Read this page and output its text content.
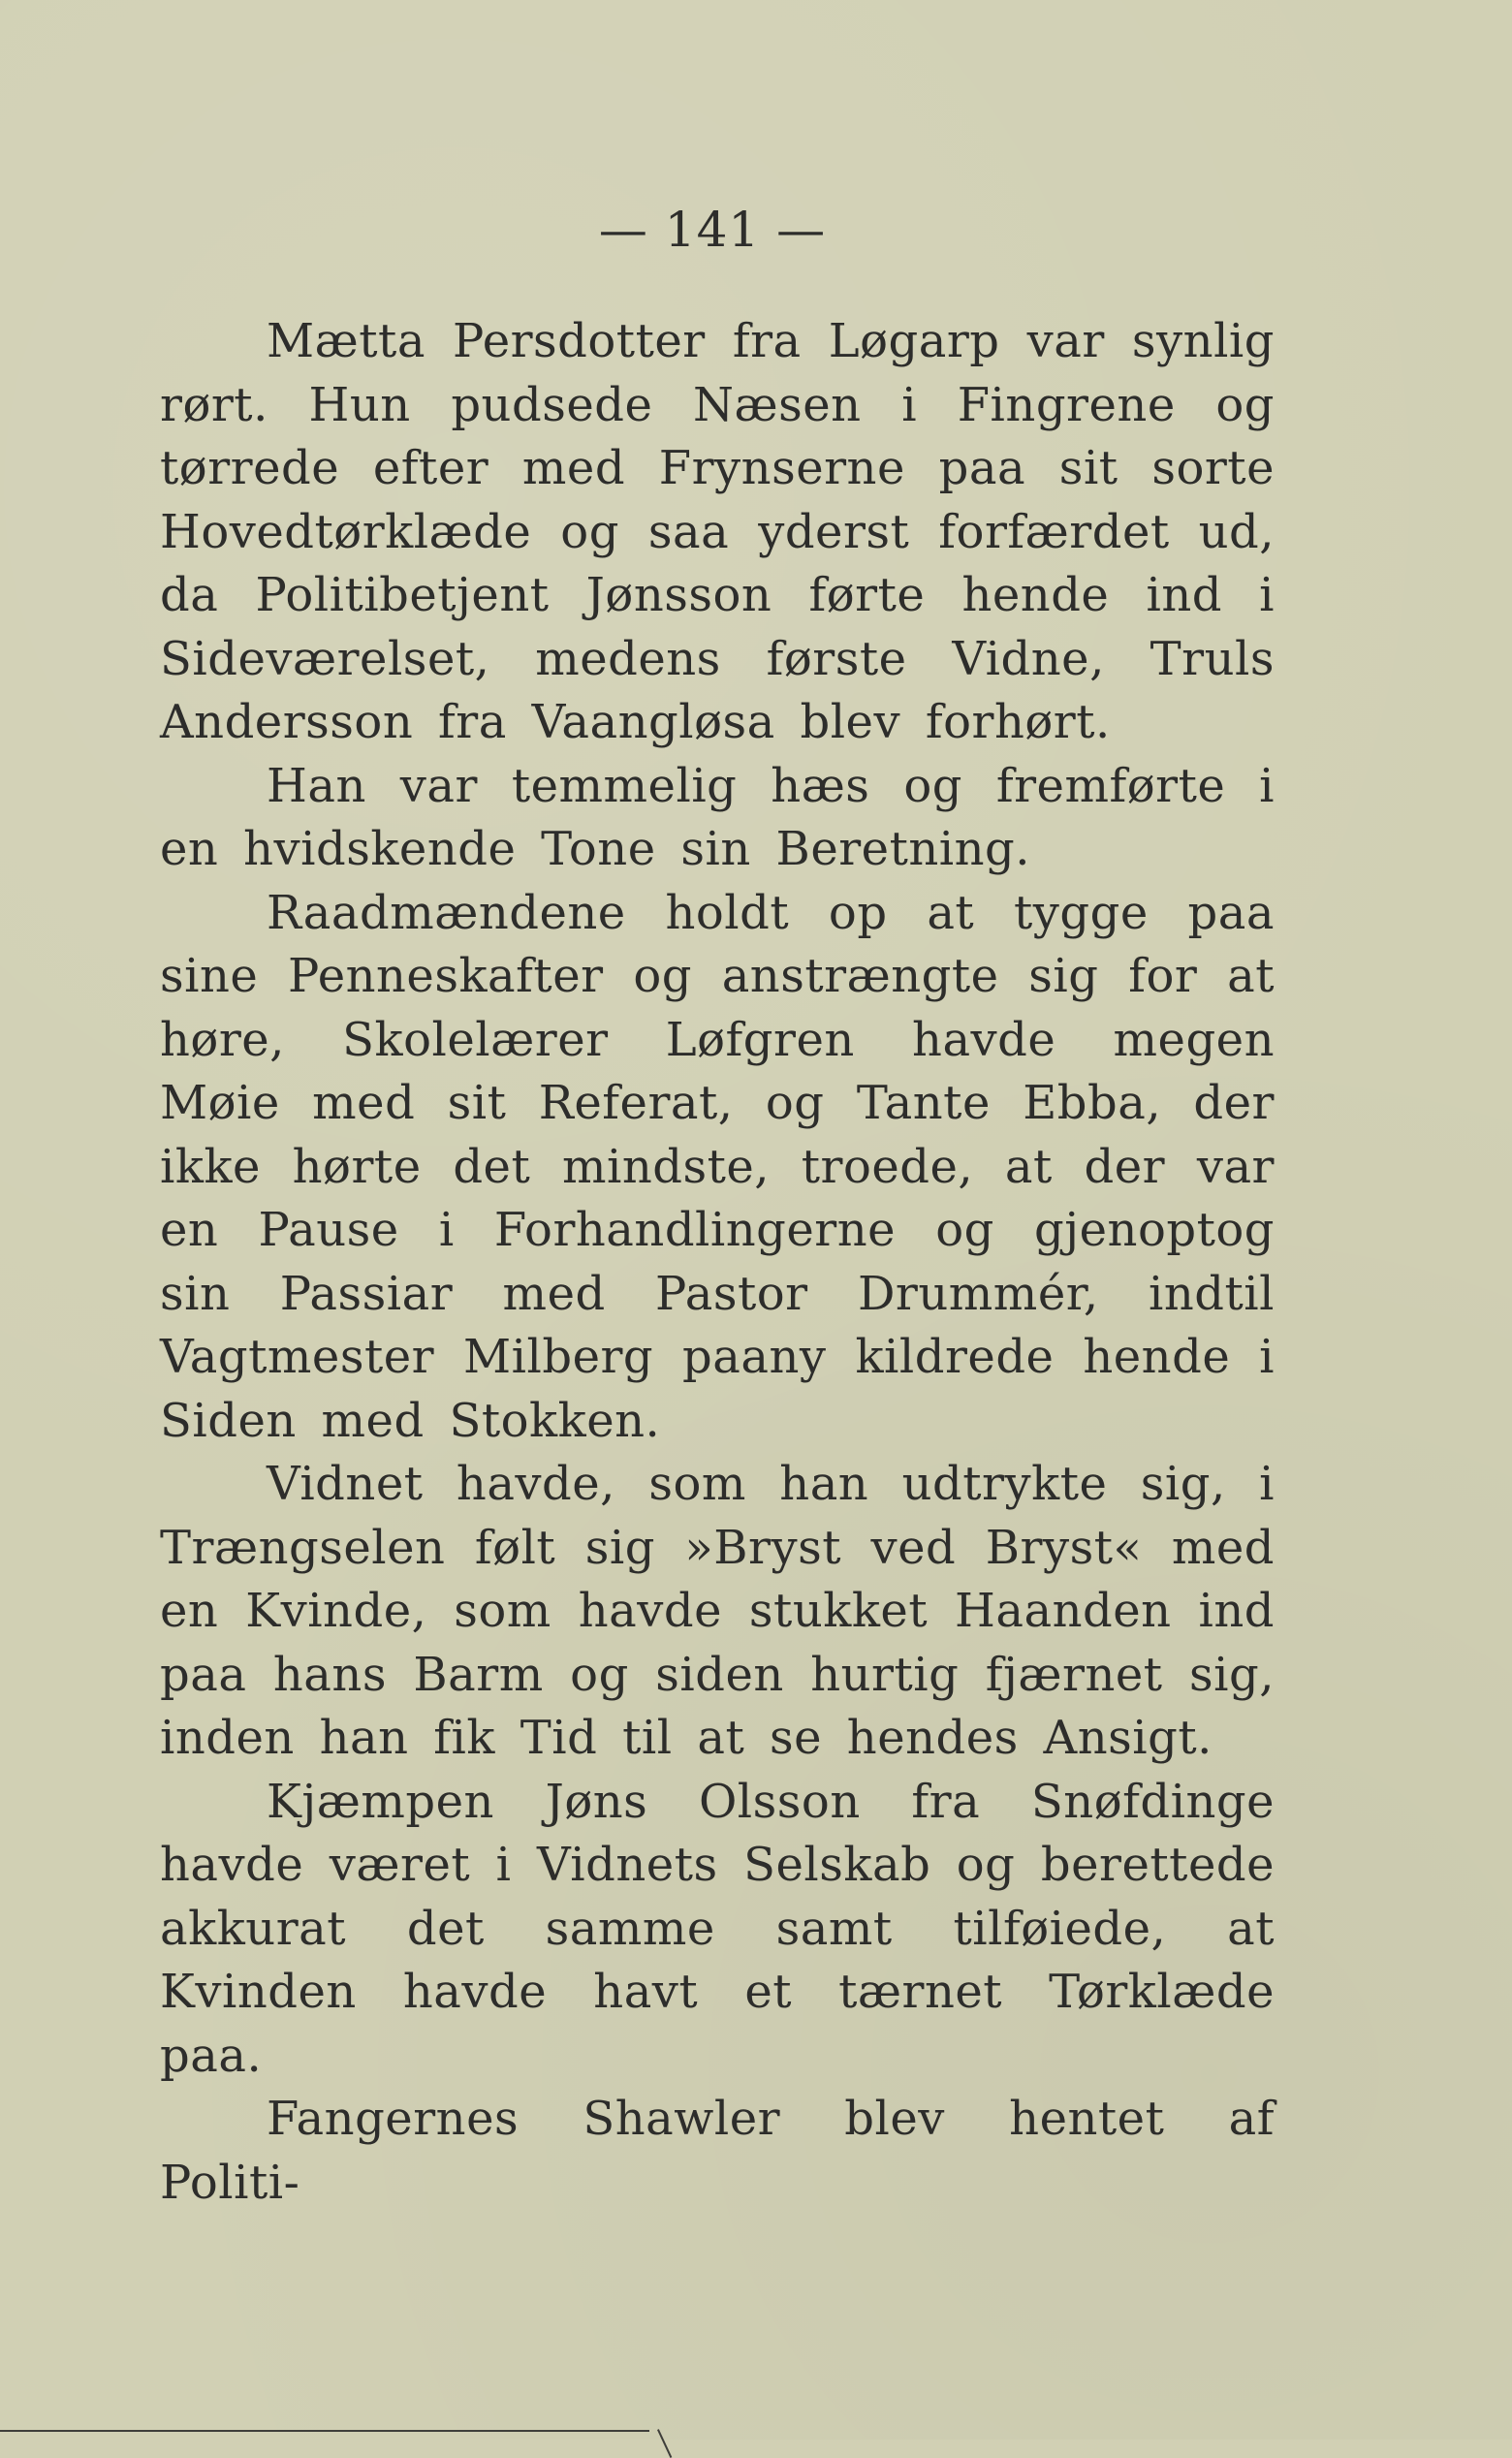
— 141 —

Mætta Persdotter fra Løgarp var synlig rørt. Hun pudsede Næsen i Fingrene og tørrede efter med Frynserne paa sit sorte Hovedtørklæde og saa yderst forfærdet ud, da Politibetjent Jønsson førte hende ind i Sideværelset, medens første Vidne, Truls Andersson fra Vaangløsa blev forhørt.

Han var temmelig hæs og fremførte i en hvidskende Tone sin Beretning.

Raadmændene holdt op at tygge paa sine Penneskafter og anstrængte sig for at høre, Skolelærer Løfgren havde megen Møie med sit Referat, og Tante Ebba, der ikke hørte det mindste, troede, at der var en Pause i Forhandlingerne og gjenoptog sin Passiar med Pastor Drummér, indtil Vagtmester Milberg paany kildrede hende i Siden med Stokken.

Vidnet havde, som han udtrykte sig, i Trængselen følt sig »Bryst ved Bryst« med en Kvinde, som havde stukket Haanden ind paa hans Barm og siden hurtig fjærnet sig, inden han fik Tid til at se hendes Ansigt.

Kjæmpen Jøns Olsson fra Snøfdinge havde været i Vidnets Selskab og berettede akkurat det samme samt tilføiede, at Kvinden havde havt et tærnet Tørklæde paa.

Fangernes Shawler blev hentet af Politi-
